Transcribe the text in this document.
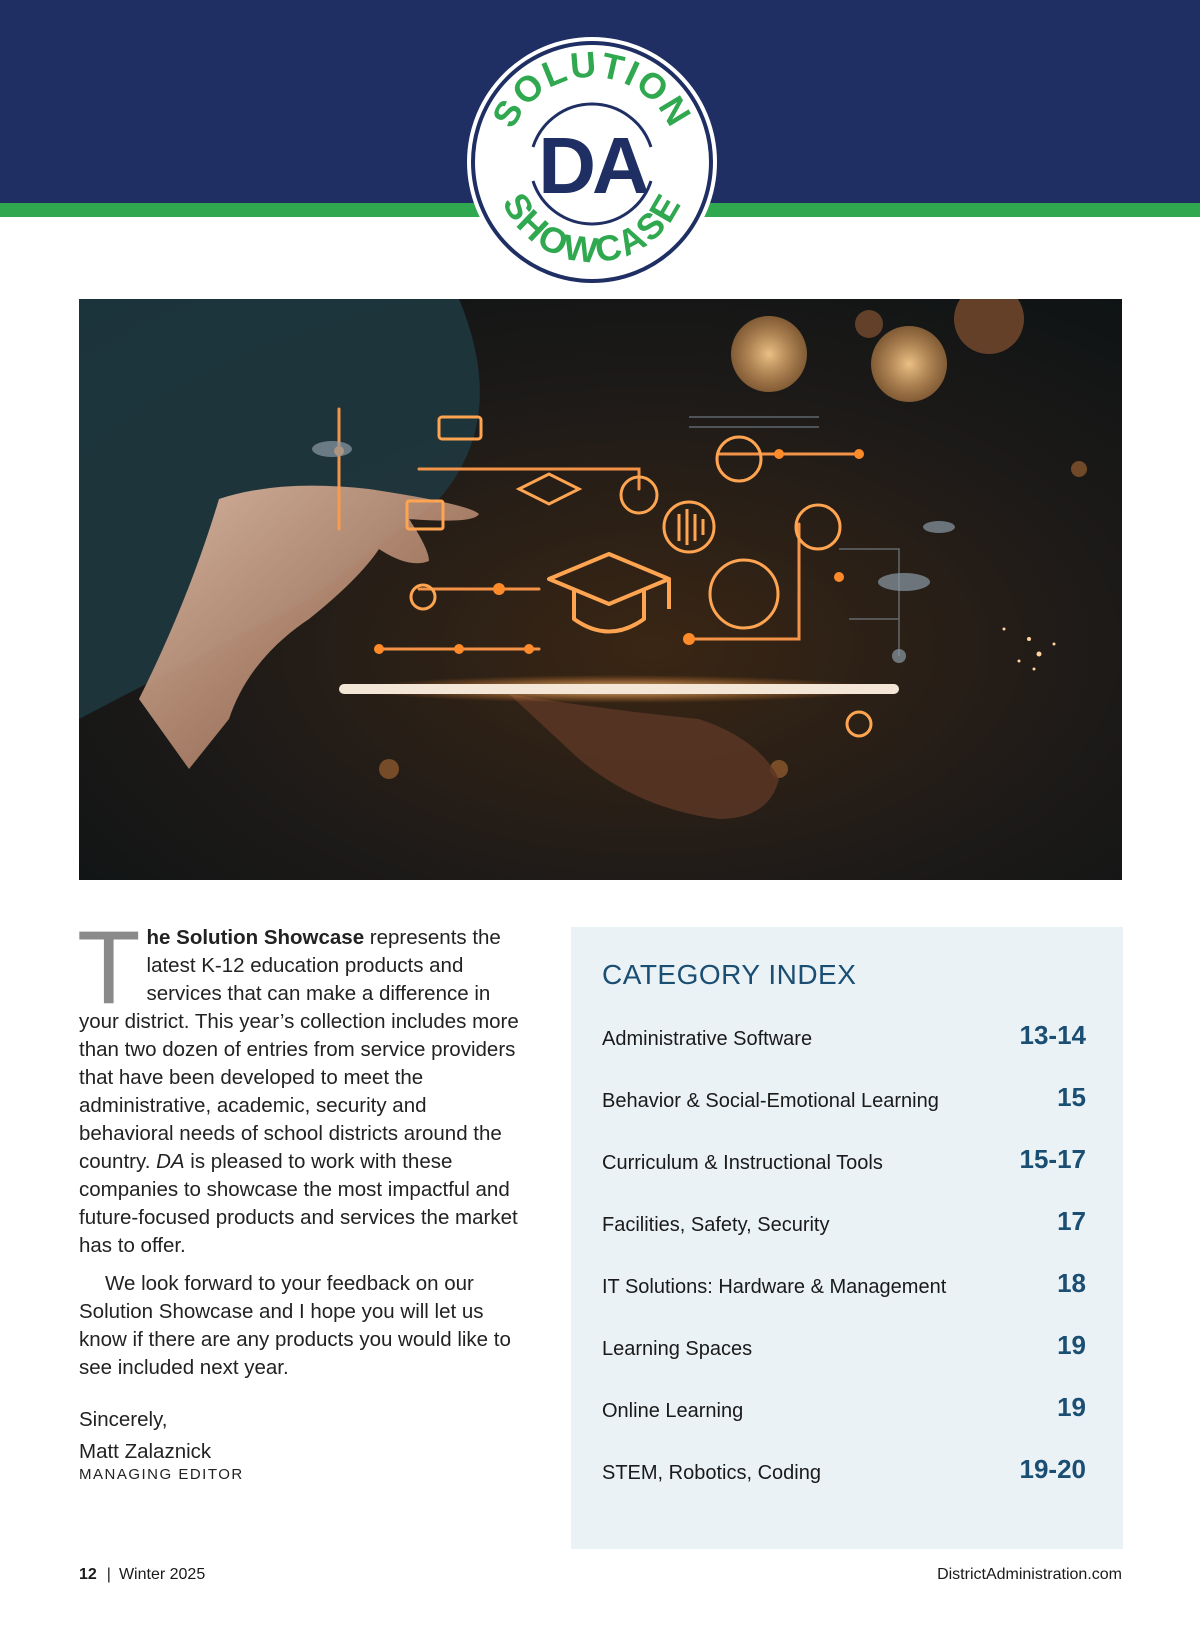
SOLUTION
SHOWCASE
DA

The Solution Showcase represents the latest K-12 education products and services that can make a difference in your district. This year’s collection includes more than two dozen of entries from service providers that have been developed to meet the administrative, academic, security and behavioral needs of school districts around the country. DA is pleased to work with these companies to showcase the most impactful and future-focused products and services the market has to offer.

We look forward to your feedback on our Solution Showcase and I hope you will let us know if there are any products you would like to see included next year.

Sincerely,
Matt Zalaznick
MANAGING EDITOR
CATEGORY INDEX
Administrative Software	13-14
Behavior & Social-Emotional Learning	15
Curriculum & Instructional Tools	15-17
Facilities, Safety, Security	17
IT Solutions: Hardware & Management	18
Learning Spaces	19
Online Learning	19
STEM, Robotics, Coding	19-20
12 | Winter 2025	DistrictAdministration.com
